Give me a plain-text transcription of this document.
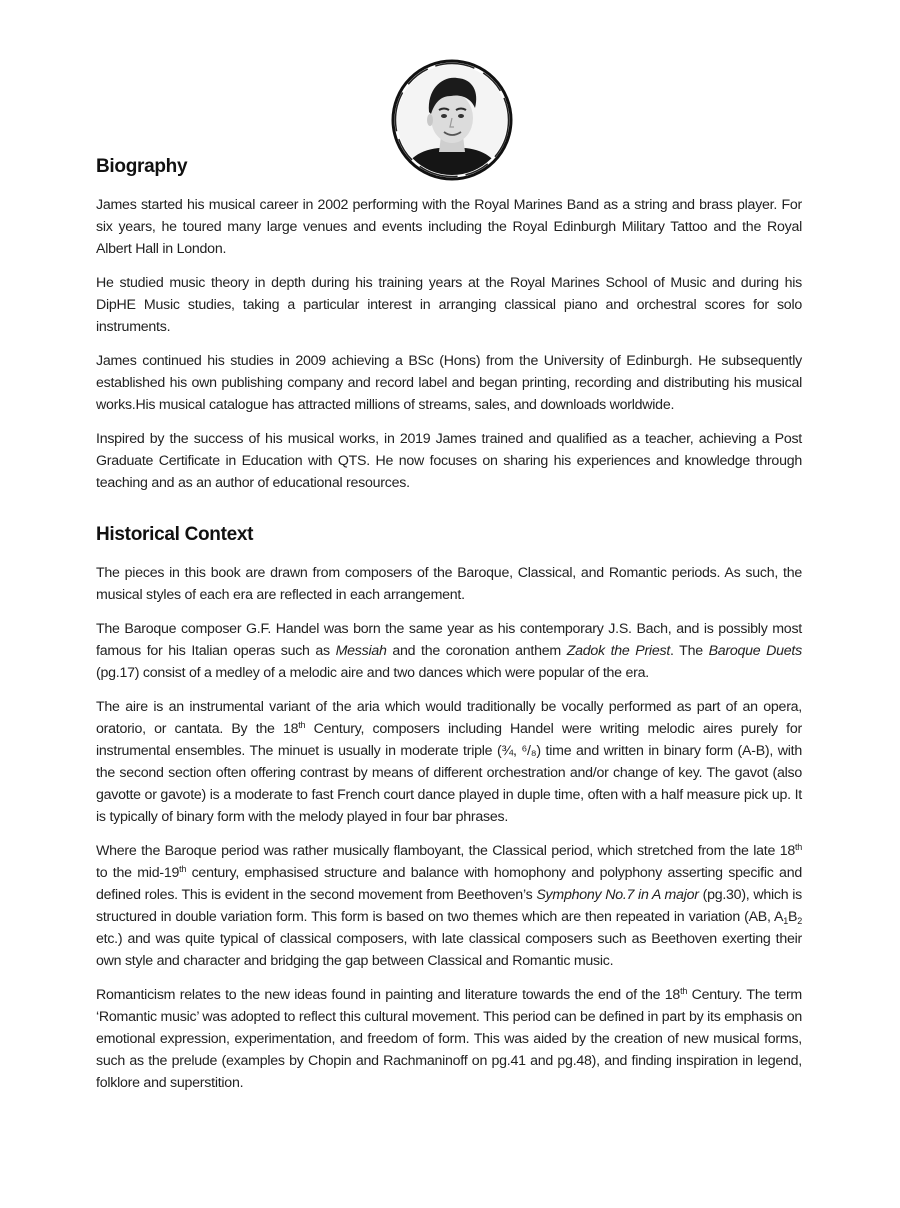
Biography

James started his musical career in 2002 performing with the Royal Marines Band as a string and brass player. For six years, he toured many large venues and events including the Royal Edinburgh Military Tattoo and the Royal Albert Hall in London.

He studied music theory in depth during his training years at the Royal Marines School of Music and during his DipHE Music studies, taking a particular interest in arranging classical piano and orchestral scores for solo instruments.

James continued his studies in 2009 achieving a BSc (Hons) from the University of Edinburgh. He subsequently established his own publishing company and record label and began printing, recording and distributing his musical works.His musical catalogue has attracted millions of streams, sales, and downloads worldwide.

Inspired by the success of his musical works, in 2019 James trained and qualified as a teacher, achieving a Post Graduate Certificate in Education with QTS. He now focuses on sharing his experiences and knowledge through teaching and as an author of educational resources.

Historical Context

The pieces in this book are drawn from composers of the Baroque, Classical, and Romantic periods. As such, the musical styles of each era are reflected in each arrangement.

The Baroque composer G.F. Handel was born the same year as his contemporary J.S. Bach, and is possibly most famous for his Italian operas such as Messiah and the coronation anthem Zadok the Priest. The Baroque Duets (pg.17) consist of a medley of a melodic aire and two dances which were popular of the era.

The aire is an instrumental variant of the aria which would traditionally be vocally performed as part of an opera, oratorio, or cantata. By the 18th Century, composers including Handel were writing melodic aires purely for instrumental ensembles. The minuet is usually in moderate triple (¾, ⁶/₈) time and written in binary form (A-B), with the second section often offering contrast by means of different orchestration and/or change of key. The gavot (also gavotte or gavote) is a moderate to fast French court dance played in duple time, often with a half measure pick up. It is typically of binary form with the melody played in four bar phrases.

Where the Baroque period was rather musically flamboyant, the Classical period, which stretched from the late 18th to the mid-19th century, emphasised structure and balance with homophony and polyphony asserting specific and defined roles. This is evident in the second movement from Beethoven’s Symphony No.7 in A major (pg.30), which is structured in double variation form. This form is based on two themes which are then repeated in variation (AB, $A_1B_2$ etc.) and was quite typical of classical composers, with late classical composers such as Beethoven exerting their own style and character and bridging the gap between Classical and Romantic music.

Romanticism relates to the new ideas found in painting and literature towards the end of the 18th Century. The term ‘Romantic music’ was adopted to reflect this cultural movement. This period can be defined in part by its emphasis on emotional expression, experimentation, and freedom of form. This was aided by the creation of new musical forms, such as the prelude (examples by Chopin and Rachmaninoff on pg.41 and pg.48), and finding inspiration in legend, folklore and superstition.
